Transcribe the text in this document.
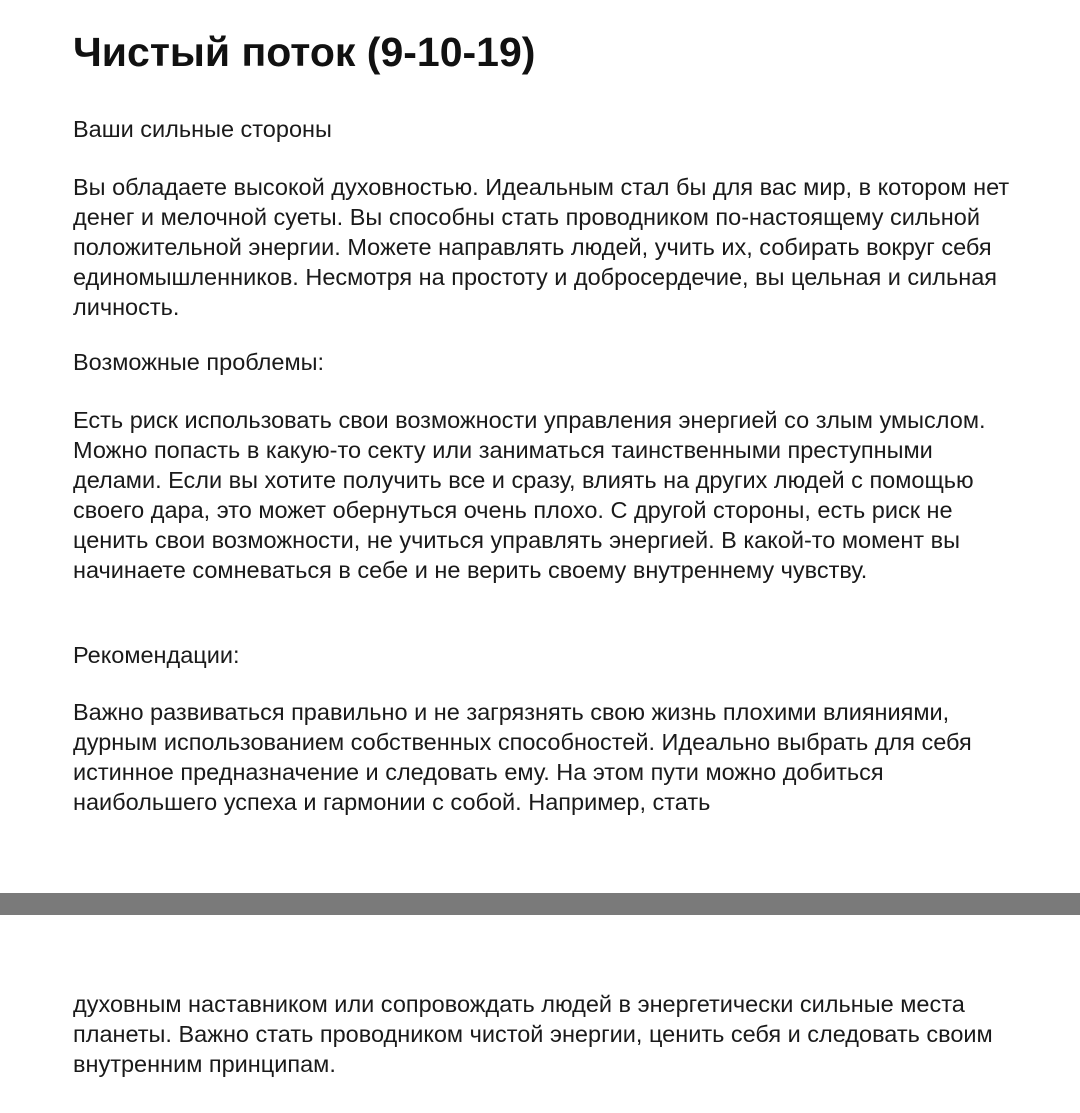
Чистый поток (9-10-19)

Ваши сильные стороны

Вы обладаете высокой духовностью. Идеальным стал бы для вас мир, в котором нет денег и мелочной суеты. Вы способны стать проводником по-настоящему сильной положительной энергии. Можете направлять людей, учить их, собирать вокруг себя единомышленников. Несмотря на простоту и добросердечие, вы цельная и сильная личность.

Возможные проблемы:

Есть риск использовать свои возможности управления энергией со злым умыслом. Можно попасть в какую-то секту или заниматься таинственными преступными делами. Если вы хотите получить все и сразу, влиять на других людей с помощью своего дара, это может обернуться очень плохо. С другой стороны, есть риск не ценить свои возможности, не учиться управлять энергией. В какой-то момент вы начинаете сомневаться в себе и не верить своему внутреннему чувству.

Рекомендации:

Важно развиваться правильно и не загрязнять свою жизнь плохими влияниями, дурным использованием собственных способностей. Идеально выбрать для себя истинное предназначение и следовать ему. На этом пути можно добиться наибольшего успеха и гармонии с собой. Например, стать

духовным наставником или сопровождать людей в энергетически сильные места планеты. Важно стать проводником чистой энергии, ценить себя и следовать своим внутренним принципам.
